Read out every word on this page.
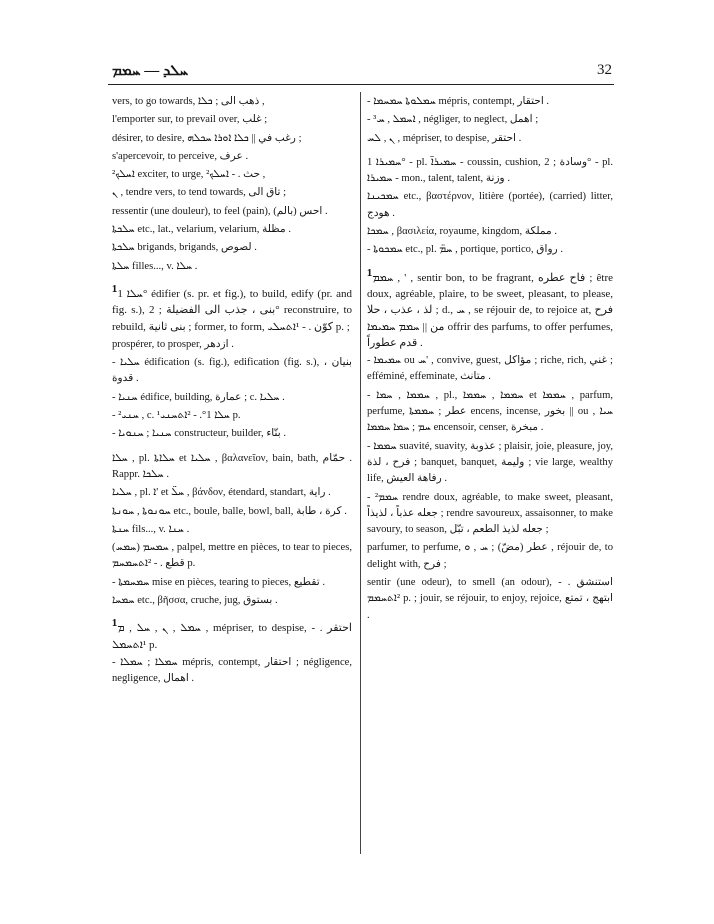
ܚܠܕ — ܚܡܡ	32
vers, to go towards, ذهب الى ; ܟܠܐ ,
l'emporter sur, to prevail over, غلب ;
désirer, to desire, رغب في || ܟܠܐ ܐܘܪܐ ܚܟܠܗ ;
s'apercevoir, to perceive, عرف .
ܐܚܠܟ² exciter, to urge, حث . - ܐܚܠܟ² ,
ܢ , tendre vers, to tend towards, تاق الى ;
ressentir (une douleur), to feel (pain), احس (بالم) .
ܚܠܟܬܐ etc., lat., velarium, velarium, مظلة .
ܚܠܟܬܐ brigands, brigands, لصوص .
ܚܠܬܐ filles..., v. ܚܠܐ .
¹ܚܠܐ 1° édifier (s. pr. et fig.), to build, edify (pr. and fig. s.), بنى ، جذب الى الفضيلة ; 2° reconstruire, to rebuild, بنى ثانية ; former, to form, كوّن . - ¹ܐܬܚܠܝ p. ;
prospérer, to prosper, ازدهر .
- ܚܠܝܐ édification (s. fig.), edification (fig. s.), بنيان ، قدوة .
- ܚܢܝܐ édifice, building, عمارة ; c. ܚܠܝܐ .
- ²ܚܢܝ , c. ¹ܚܠܐ 1°. - ²ܐܬܚܢܝ p.
- ܚܢܝܐ ; ܚܢܘܝܐ constructeur, builder, بنّاء .
ܚܠܐ , pl. ܚܠܐܬܐ et ܚܠܝܐ , βαλανεῖον, bain, bath, حمّام . Rappr. ܚܠܟܐ .
ܚܠܝܐ , pl. ܐ' et ܚܠ̈ , βάνδον, étendard, standart, راية .
ܚܘܢܘܬܐ , ܚܘܢܬܐ etc., boule, balle, bowl, ball, كرة ، طابة .
ܚܢܬܐ fils..., v. ܚܢܐ .
(ܚܡܚ) ܚܡܚܡ , palpel, mettre en pièces, to tear to pieces, قطع . - ²ܐܬܚܡܚܡ p.
- ܚܡܚܡܬܐ mise en pièces, tearing to pieces, تقطيع .
ܚܡܚܐ etc., βῆσσα, cruche, jug, بستوق .
¹ܚܡܠ , ܢ , ܚܠ , ܡ , mépriser, to despise, احتقر . - ¹ܐܬܚܡܠ p.
- ܚܡܠܐ ; ܚܡܠܐ mépris, contempt, احتقار ; négligence, negligence, اهمال .
- ܚܡܠܘܬܐ ܚܡܚܡܐ mépris, contempt, احتقار .
- ³ܐܚܡܠ , ܚ , négliger, to neglect, اهمل ;
ܢ , ܠܚ , mépriser, to despise, احتقر .
ܚܡܝܪܐ 1° - pl. ܚܡܝܪܐ̈ - coussin, cushion, وسادة ; 2° - pl. ܚܡܝܪܐ - mon., talent, talent, وزنة .
ܚܡܟܝܢܐ etc., βαστέρνον, litière (portée), (carried) litter, هودج .
ܚܡܟܐ , βασιλεία, royaume, kingdom, مملكة .
- ܚܡܟܘܬܐ etc., pl. ܚܡ̈ , portique, portico, رواق .
¹ܚܡܡ , ' , sentir bon, to be fragrant, فاح عطره ; être doux, agréable, plaire, to be sweet, pleasant, to please, لذ ، عذب ، حلا ; d., ܚ , se réjouir de, to rejoice at, فرح من || ܚܡܡ ܚܡܝܡܐ offrir des parfums, to offer perfumes, قدم عطوراً .
- ܚܡܝܡܐ ou ܚ' , convive, guest, مؤاكل ; riche, rich, غني ; efféminé, effeminate, متانث .
- ܚܡܡܐ , ܚܡܐ , pl., ܚܡܡܐ , ܚܡܡܐ et ܚܡܡܐ , parfum, perfume, عطر ; ܚܡܡܬܐ encens, incense, بخور || ou ܚܝܐ , ܚܡ ; ܚܡܐ ܚܡܡܐ encensoir, censer, مبخرة .
- ܚܡܡܐ suavité, suavity, عذوبة ; plaisir, joie, pleasure, joy, فرح ، لذة ; banquet, banquet, وليمة ; vie large, wealthy life, رفاهة العيش .
- ²ܚܡܡ rendre doux, agréable, to make sweet, pleasant, جعله عذباً ، لذيذاً ; rendre savoureux, assaisonner, to make savoury, to season, جعله لذيذ الطعم ، تبّل ;
parfumer, to perfume, عطر (مضّ) ; ܚ , ܘ , réjouir de, to delight with, فرح ;
sentir (une odeur), to smell (an odour), استنشق . - ²ܐܬܚܡܡ p. ; jouir, se réjouir, to enjoy, rejoice, ابتهج ، تمتع .
